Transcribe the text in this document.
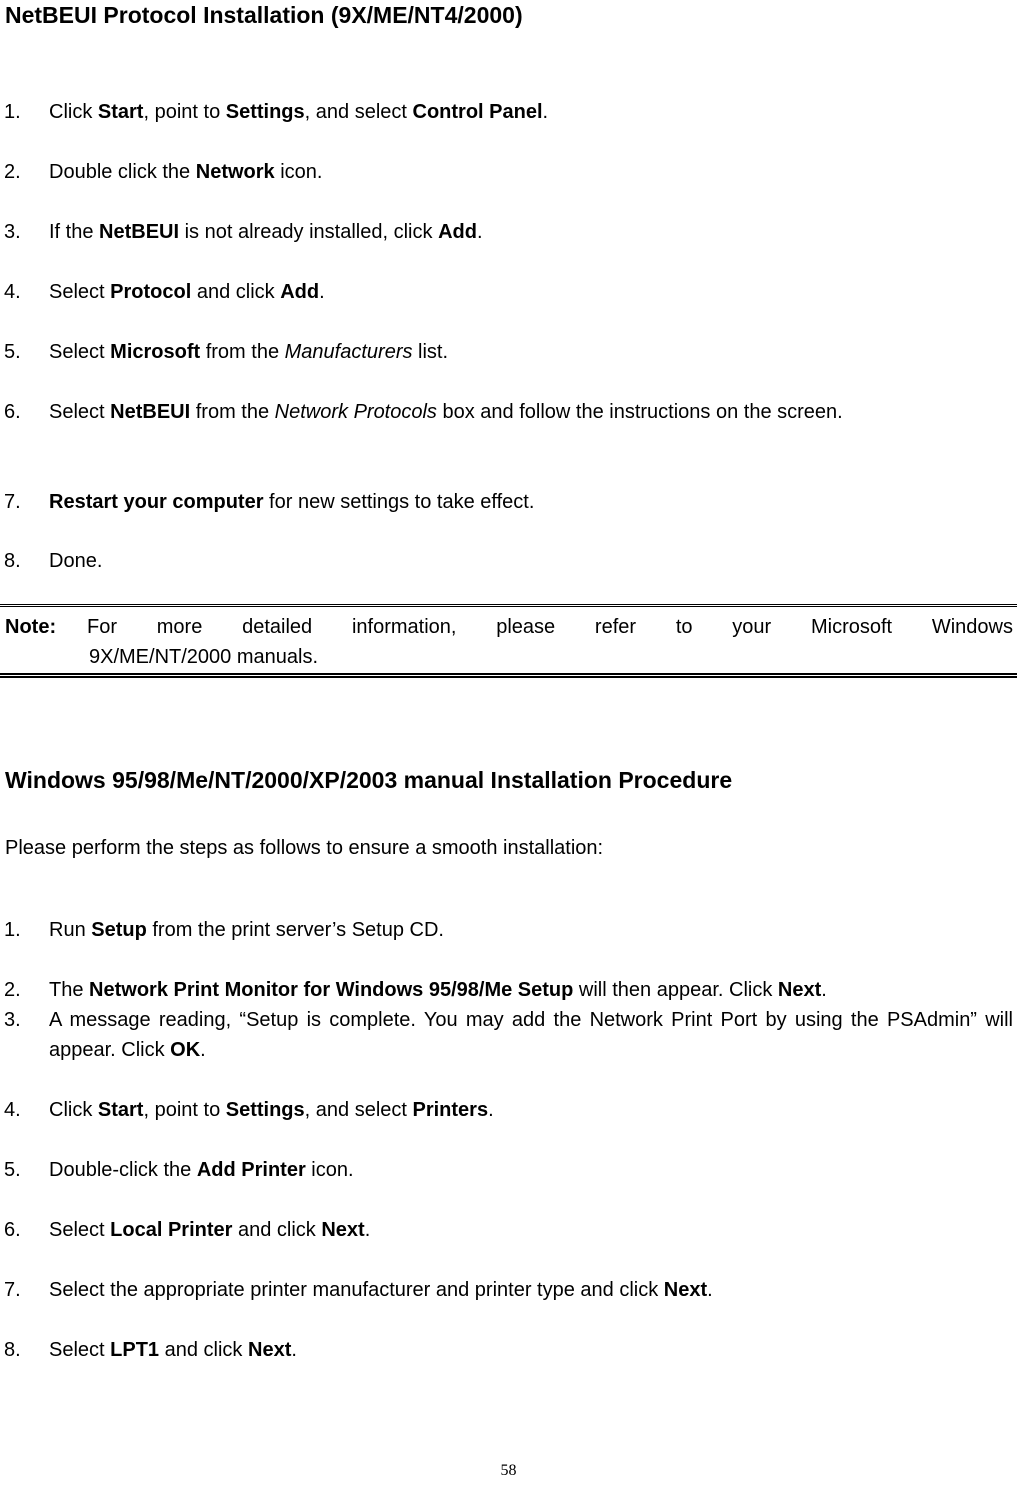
NetBEUI Protocol Installation (9X/ME/NT4/2000)
1. Click Start, point to Settings, and select Control Panel.
2. Double click the Network icon.
3. If the NetBEUI is not already installed, click Add.
4. Select Protocol and click Add.
5. Select Microsoft from the Manufacturers list.
6. Select NetBEUI from the Network Protocols box and follow the instructions on the screen.
7. Restart your computer for new settings to take effect.
8. Done.
Note: For more detailed information, please refer to your Microsoft Windows
9X/ME/NT/2000 manuals.
Windows 95/98/Me/NT/2000/XP/2003 manual Installation Procedure
Please perform the steps as follows to ensure a smooth installation:
1. Run Setup from the print server’s Setup CD.
2. The Network Print Monitor for Windows 95/98/Me Setup will then appear. Click Next.
3. A message reading, “Setup is complete. You may add the Network Print Port by using the PSAdmin” will appear. Click OK.
4. Click Start, point to Settings, and select Printers.
5. Double-click the Add Printer icon.
6. Select Local Printer and click Next.
7. Select the appropriate printer manufacturer and printer type and click Next.
8. Select LPT1 and click Next.
58
